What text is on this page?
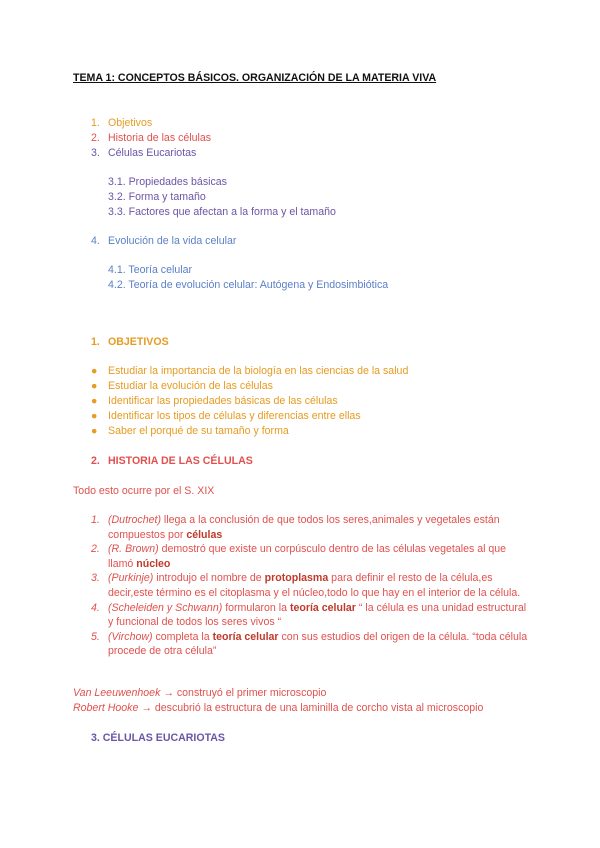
TEMA 1: CONCEPTOS BÁSICOS. ORGANIZACIÓN DE LA MATERIA VIVA
1. Objetivos
2. Historia de las células
3. Células Eucariotas
3.1. Propiedades básicas
3.2. Forma y tamaño
3.3. Factores que afectan a la forma y el tamaño
4. Evolución de la vida celular
4.1. Teoría celular
4.2. Teoría de evolución celular: Autógena y Endosimbiótica
1. OBJETIVOS
● Estudiar la importancia de la biología en las ciencias de la salud
● Estudiar la evolución de las células
● Identificar las propiedades básicas de las células
● Identificar los tipos de células y diferencias entre ellas
● Saber el porqué de su tamaño y forma
2. HISTORIA DE LAS CÉLULAS
Todo esto ocurre por el S. XIX
1. (Dutrochet) llega a la conclusión de que todos los seres,animales y vegetales están compuestos por células
2. (R. Brown) demostró que existe un corpúsculo dentro de las células vegetales al que llamó núcleo
3. (Purkinje) introdujo el nombre de protoplasma para definir el resto de la célula,es decir,este término es el citoplasma y el núcleo,todo lo que hay en el interior de la célula.
4. (Scheleiden y Schwann) formularon la teoría celular “ la célula es una unidad estructural y funcional de todos los seres vivos “
5. (Virchow) completa la teoría celular con sus estudios del origen de la célula. “toda célula procede de otra célula”
Van Leeuwenhoek → construyó el primer microscopio
Robert Hooke → descubrió la estructura de una laminilla de corcho vista al microscopio
3. CÉLULAS EUCARIOTAS
